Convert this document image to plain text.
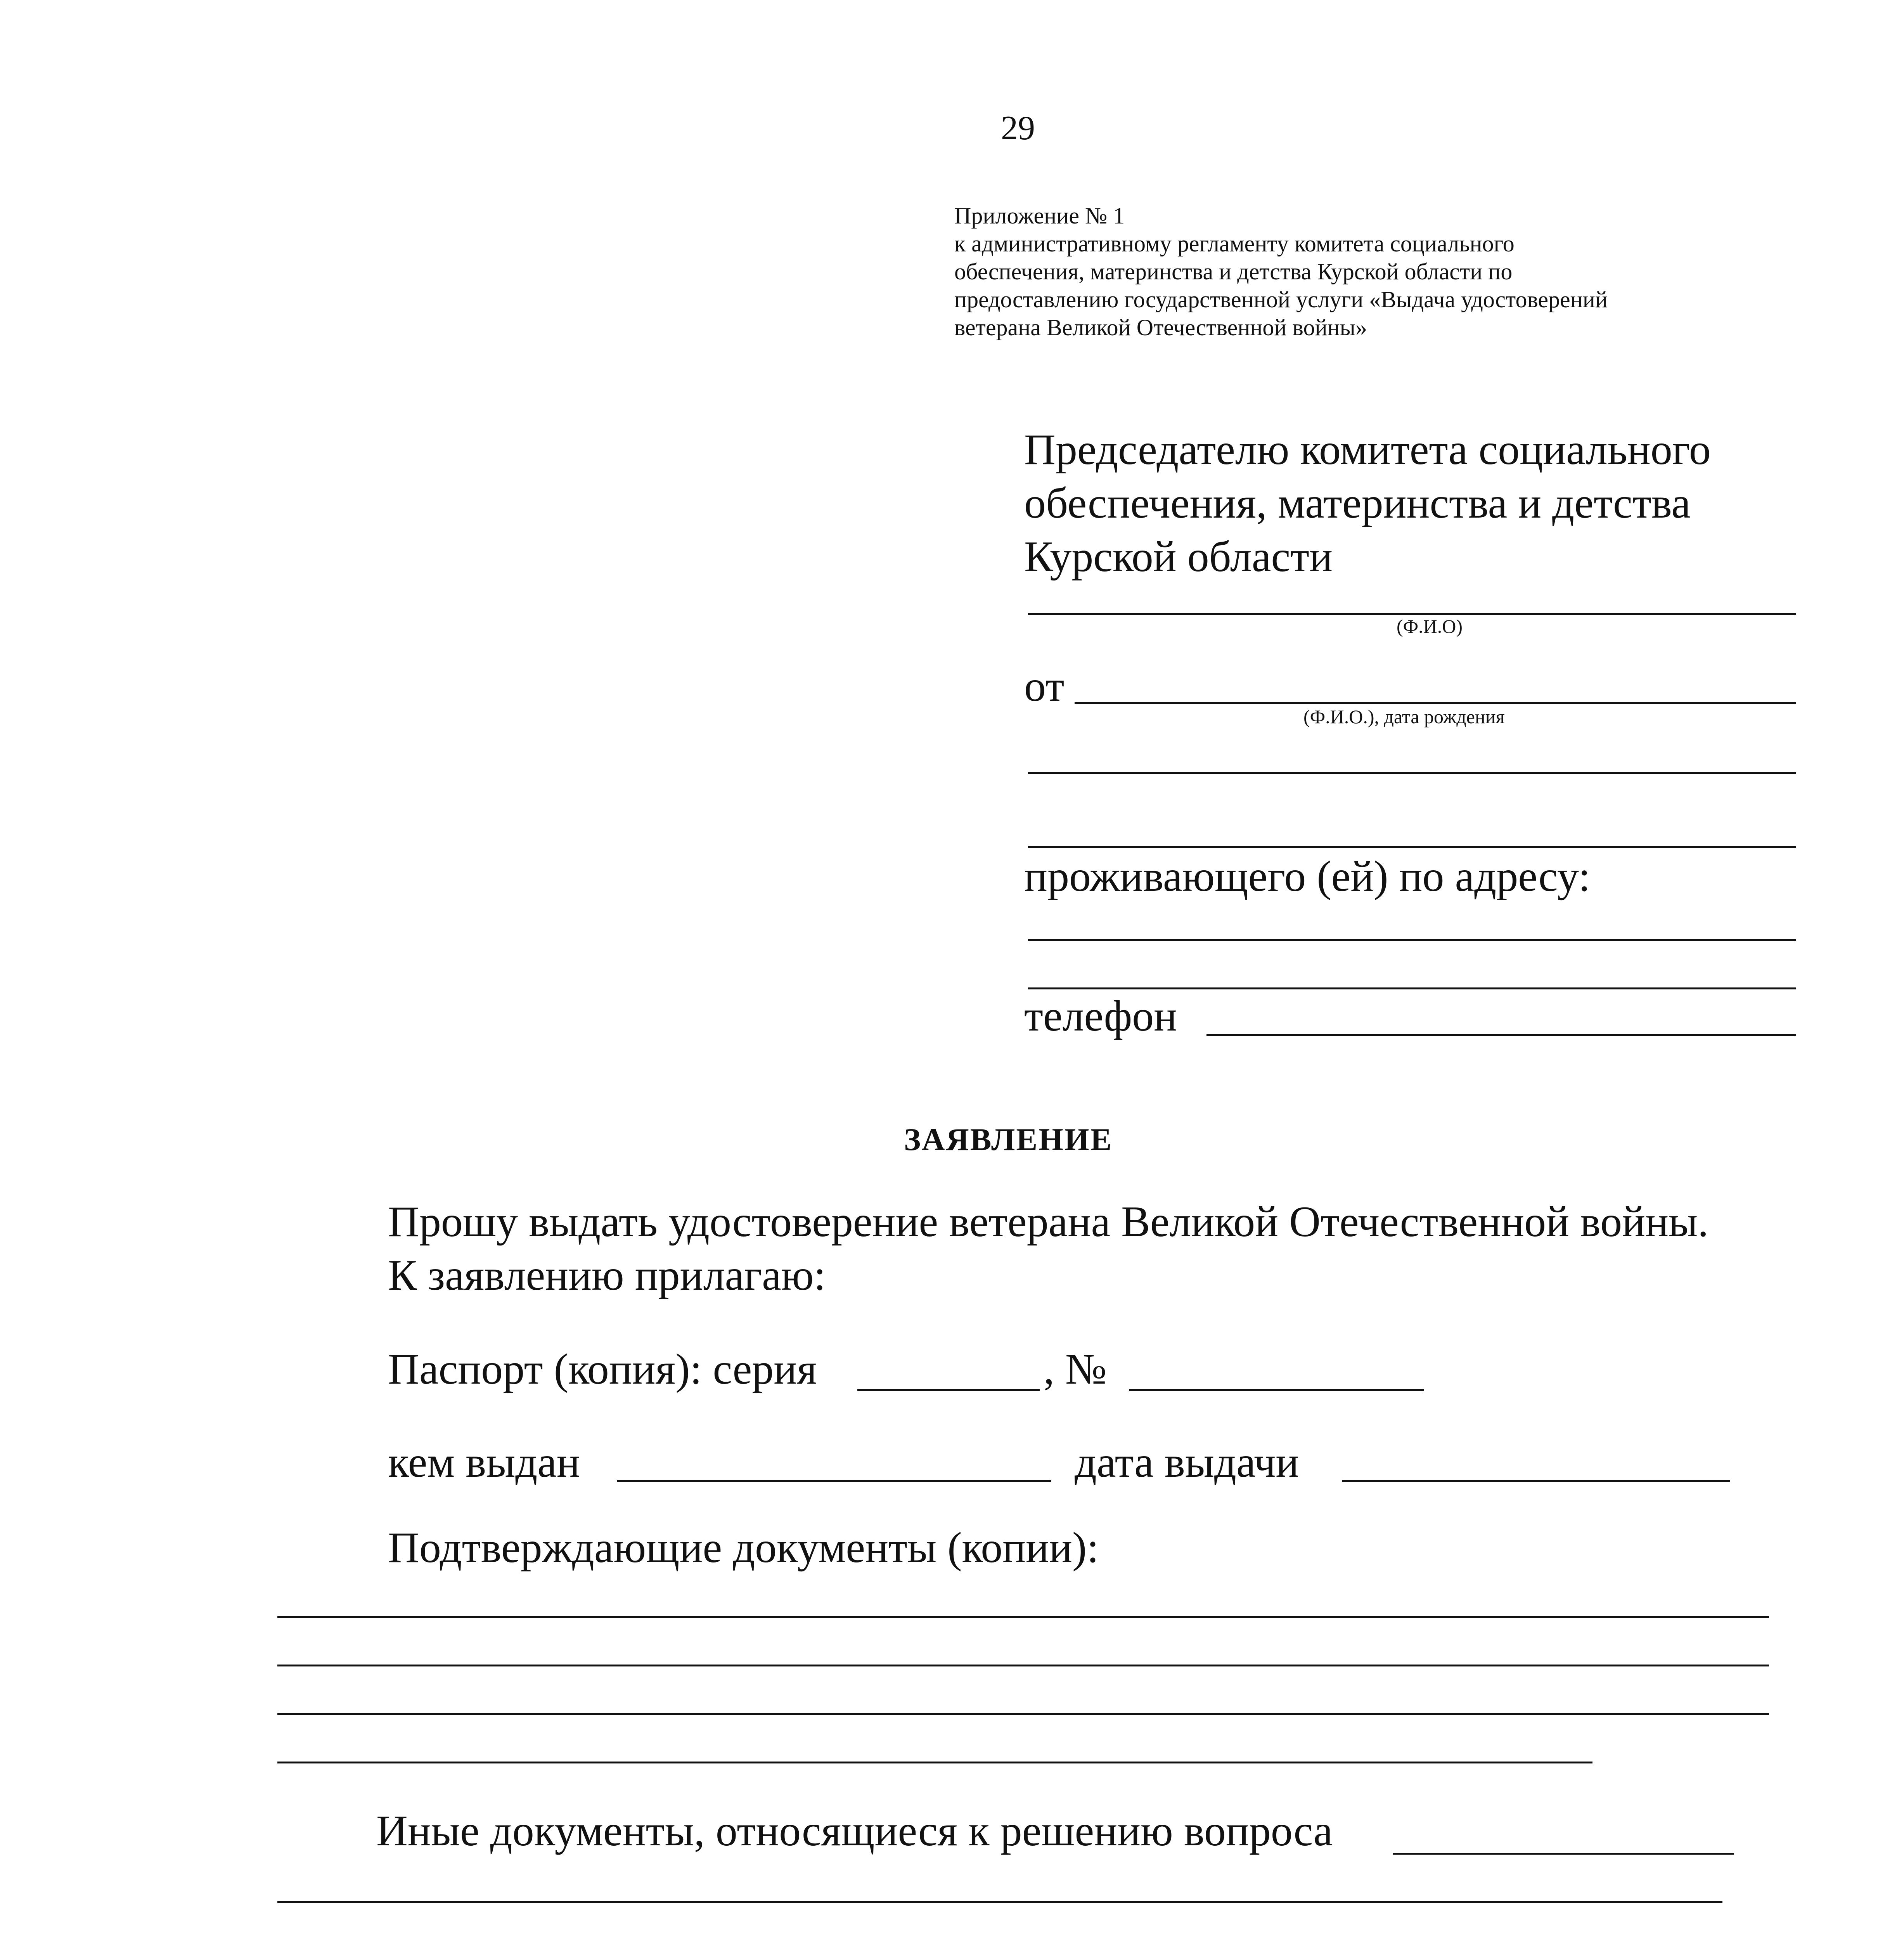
29
Приложение № 1
к административному регламенту комитета социального
обеспечения, материнства и детства Курской области по
предоставлению государственной услуги «Выдача удостоверений
ветерана Великой Отечественной войны»
Председателю комитета социального
обеспечения, материнства и детства
Курской области
(Ф.И.О)
от
(Ф.И.О.), дата рождения
проживающего (ей) по адресу:
телефон
ЗАЯВЛЕНИЕ
Прошу выдать удостоверение ветерана Великой Отечественной войны.
К заявлению прилагаю:
Паспорт (копия): серия	, №
кем выдан	дата выдачи
Подтверждающие документы (копии):
Иные документы, относящиеся к решению вопроса
